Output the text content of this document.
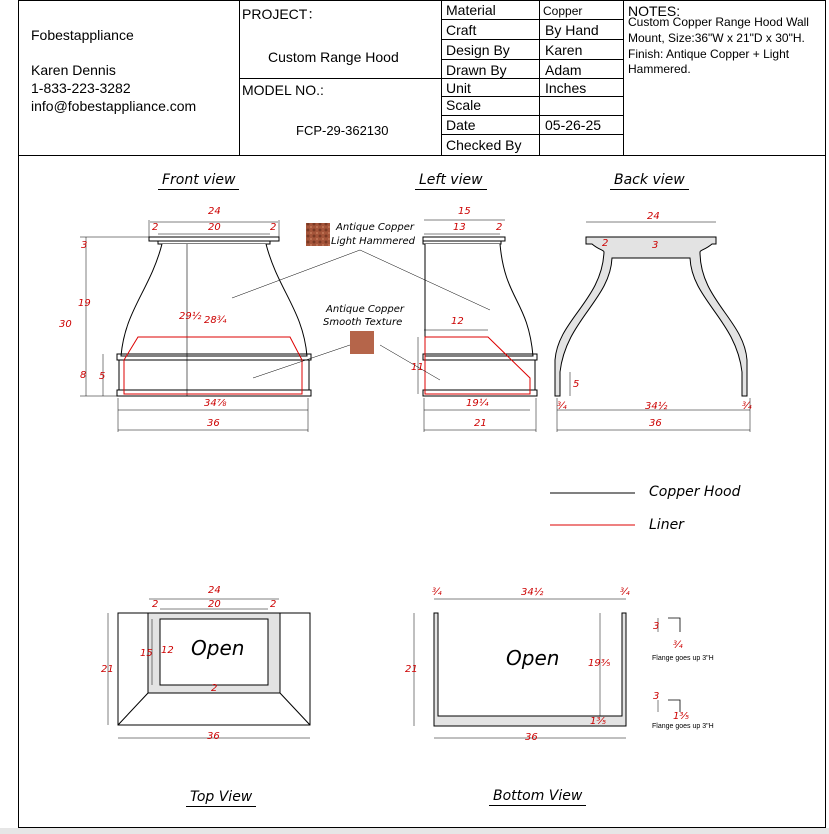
Fobestappliance
Karen Dennis
1-833-223-3282
info@fobestappliance.com
PROJECT：
Custom Range Hood
MODEL NO.:
FCP-29-362130
Material	Copper
Craft	By Hand
Design By	Karen
Drawn By	Adam
Unit	Inches
Scale
Date	05-26-25
Checked By
NOTES:
Custom Copper Range Hood Wall
Mount, Size:36"W x 21"D x 30"H.
Finish: Antique Copper + Light
Hammered.
Front view	Left view	Back view
Top View	Bottom View
Antique Copper
Light Hammered
Antique Copper
Smooth Texture
Copper Hood
Liner
Open	Open
24
20
2	2
3
19
30
8 5
29½ 28¾
34⅞
36
15
13	2
12
11
19¼
21
24
2	3
5
¾	34½	¾
36
24
20
2	2
15 12
2
21
36
¾	34½	¾
21
19⅗
1⅗
36
3
¾
3
1⅗
Flange goes up 3"H
Flange goes up 3"H
